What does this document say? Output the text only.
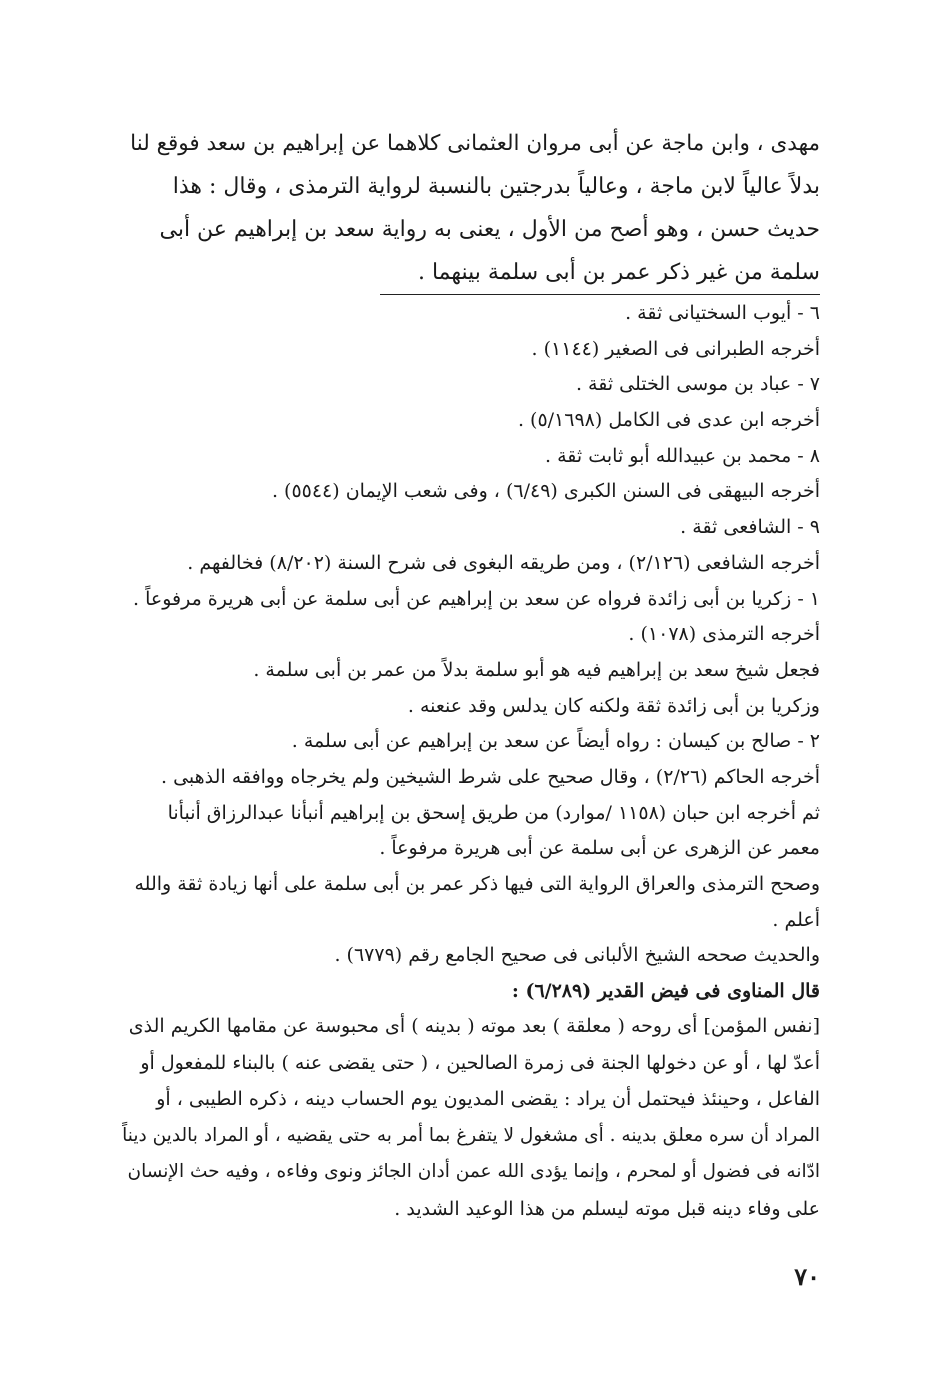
مهدى ، وابن ماجة عن أبى مروان العثمانى كلاهما عن إبراهيم بن سعد فوقع لنا
بدلاً عالياً لابن ماجة ، وعالياً بدرجتين بالنسبة لرواية الترمذى ، وقال : هذا
حديث حسن ، وهو أصح من الأول ، يعنى به رواية سعد بن إبراهيم عن أبى
سلمة من غير ذكر عمر بن أبى سلمة بينهما .
٦ - أيوب السختيانى ثقة .
أخرجه الطبرانى فى الصغير (١١٤٤) .
٧ - عباد بن موسى الختلى ثقة .
أخرجه ابن عدى فى الكامل (٥/١٦٩٨) .
٨ - محمد بن عبيدالله أبو ثابت ثقة .
أخرجه البيهقى فى السنن الكبرى (٦/٤٩) ، وفى شعب الإيمان (٥٥٤٤) .
٩ - الشافعى ثقة .
أخرجه الشافعى (٢/١٢٦) ، ومن طريقه البغوى فى شرح السنة (٨/٢٠٢) فخالفهم .
١ - زكريا بن أبى زائدة فرواه عن سعد بن إبراهيم عن أبى سلمة عن أبى هريرة مرفوعاً .
أخرجه الترمذى (١٠٧٨) .
فجعل شيخ سعد بن إبراهيم فيه هو أبو سلمة بدلاً من عمر بن أبى سلمة .
وزكريا بن أبى زائدة ثقة ولكنه كان يدلس وقد عنعنه .
٢ - صالح بن كيسان : رواه أيضاً عن سعد بن إبراهيم عن أبى سلمة .
أخرجه الحاكم (٢/٢٦) ، وقال صحيح على شرط الشيخين ولم يخرجاه ووافقه الذهبى .
ثم أخرجه ابن حبان (١١٥٨ /موارد) من طريق إسحق بن إبراهيم أنبأنا عبدالرزاق أنبأنا
معمر عن الزهرى عن أبى سلمة عن أبى هريرة مرفوعاً .
وصحح الترمذى والعراق الرواية التى فيها ذكر عمر بن أبى سلمة على أنها زيادة ثقة والله
أعلم .
والحديث صححه الشيخ الألبانى فى صحيح الجامع رقم (٦٧٧٩) .
قال المناوى فى فيض القدير (٦/٢٨٩) :
[نفس المؤمن] أى روحه ( معلقة ) بعد موته ( بدينه ) أى محبوسة عن مقامها الكريم الذى
أعدّ لها ، أو عن دخولها الجنة فى زمرة الصالحين ، ( حتى يقضى عنه ) بالبناء للمفعول أو
الفاعل ، وحينئذ فيحتمل أن يراد : يقضى المديون يوم الحساب دينه ، ذكره الطيبى ، أو
المراد أن سره معلق بدينه . أى مشغول لا يتفرغ بما أمر به حتى يقضيه ، أو المراد بالدين ديناً
ادّانه فى فضول أو لمحرم ، وإنما يؤدى الله عمن أدان الجائز ونوى وفاءه ، وفيه حث الإنسان
على وفاء دينه قبل موته ليسلم من هذا الوعيد الشديد .
٧٠
